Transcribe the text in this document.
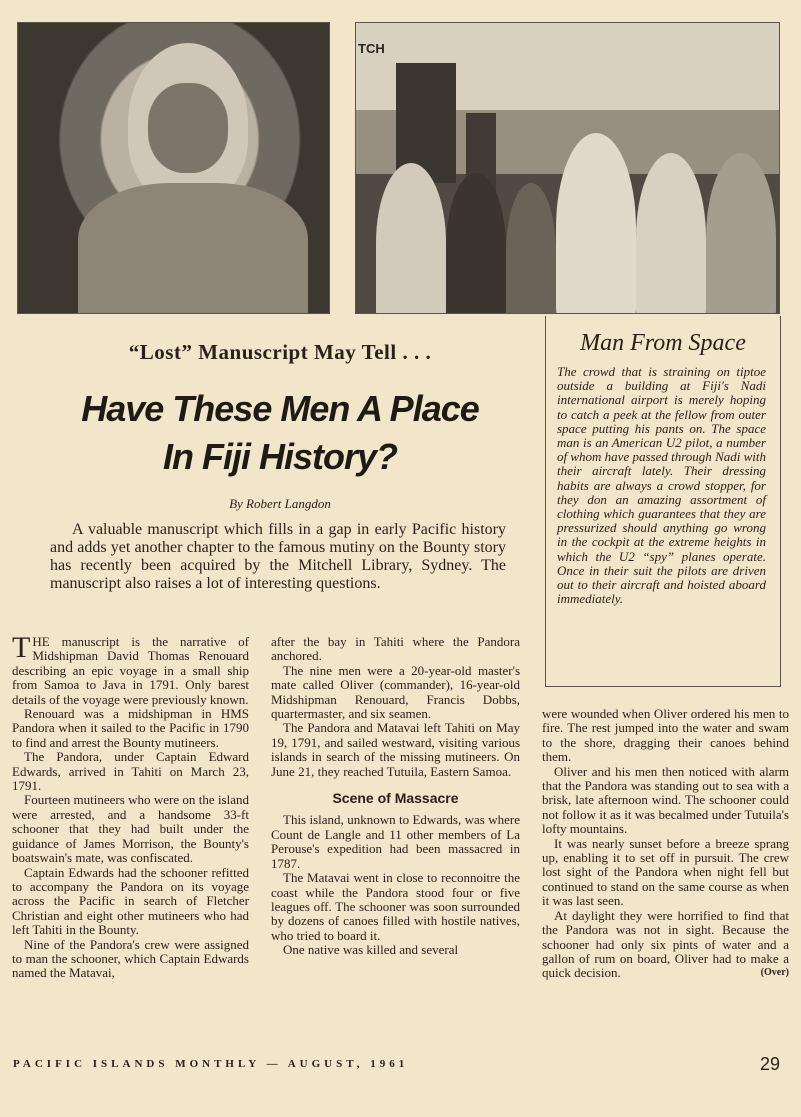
TCH
Man From Space
The crowd that is straining on tiptoe outside a building at Fiji's Nadi international airport is merely hoping to catch a peek at the fellow from outer space putting his pants on. The space man is an American U2 pilot, a number of whom have passed through Nadi with their aircraft lately. Their dressing habits are always a crowd stopper, for they don an amazing assortment of clothing which guarantees that they are pressurized should anything go wrong in the cockpit at the extreme heights in which the U2 “spy” planes operate. Once in their suit the pilots are driven out to their aircraft and hoisted aboard immediately.
“Lost” Manuscript May Tell . . .
Have These Men A Place
In Fiji History?
By Robert Langdon
A valuable manuscript which fills in a gap in early Pacific history and adds yet another chapter to the famous mutiny on the Bounty story has recently been acquired by the Mitchell Library, Sydney. The manuscript also raises a lot of interesting questions.

THE manuscript is the narrative of Midshipman David Thomas Renouard describing an epic voyage in a small ship from Samoa to Java in 1791. Only barest details of the voyage were previously known.

Renouard was a midshipman in HMS Pandora when it sailed to the Pacific in 1790 to find and arrest the Bounty mutineers.

The Pandora, under Captain Edward Edwards, arrived in Tahiti on March 23, 1791.

Fourteen mutineers who were on the island were arrested, and a handsome 33-ft schooner that they had built under the guidance of James Morrison, the Bounty's boatswain's mate, was confiscated.

Captain Edwards had the schooner refitted to accompany the Pandora on its voyage across the Pacific in search of Fletcher Christian and eight other mutineers who had left Tahiti in the Bounty.

Nine of the Pandora's crew were assigned to man the schooner, which Captain Edwards named the Matavai,

after the bay in Tahiti where the Pandora anchored.

The nine men were a 20-year-old master's mate called Oliver (commander), 16-year-old Midshipman Renouard, Francis Dobbs, quartermaster, and six seamen.

The Pandora and Matavai left Tahiti on May 19, 1791, and sailed westward, visiting various islands in search of the missing mutineers. On June 21, they reached Tutuila, Eastern Samoa.

Scene of Massacre

This island, unknown to Edwards, was where Count de Langle and 11 other members of La Perouse's expedition had been massacred in 1787.

The Matavai went in close to reconnoitre the coast while the Pandora stood four or five leagues off. The schooner was soon surrounded by dozens of canoes filled with hostile natives, who tried to board it.

One native was killed and several

were wounded when Oliver ordered his men to fire. The rest jumped into the water and swam to the shore, dragging their canoes behind them.

Oliver and his men then noticed with alarm that the Pandora was standing out to sea with a brisk, late afternoon wind. The schooner could not follow it as it was becalmed under Tutuila's lofty mountains.

It was nearly sunset before a breeze sprang up, enabling it to set off in pursuit. The crew lost sight of the Pandora when night fell but continued to stand on the same course as when it was last seen.

At daylight they were horrified to find that the Pandora was not in sight. Because the schooner had only six pints of water and a gallon of rum on board, Oliver had to make a quick decision.	(Over)

PACIFIC ISLANDS MONTHLY — AUGUST, 1961	29
